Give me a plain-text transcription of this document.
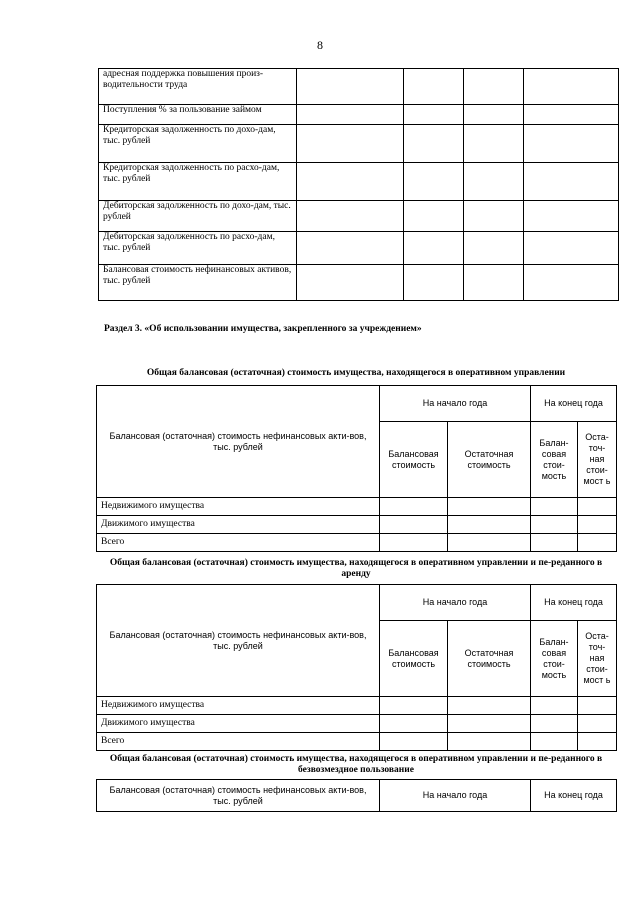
8
адресная поддержка повышения произ-водительности труда				
Поступления % за пользование займом				
Кредиторская задолженность по дохо-дам, тыс. рублей				
Кредиторская задолженность по расхо-дам, тыс. рублей				
Дебиторская задолженность по дохо-дам, тыс. рублей				
Дебиторская задолженность по расхо-дам, тыс. рублей				
Балансовая стоимость нефинансовых активов, тыс. рублей				
Раздел 3. «Об использовании имущества, закрепленного за учреждением»
Общая балансовая (остаточная) стоимость имущества, находящегося в оперативном управлении
Балансовая (остаточная) стоимость нефинансовых акти-вов, тыс. рублей	На начало года		На конец года	
	Балансовая стоимость	Остаточная стоимость	Балан-совая стои-мость	Оста-точ-ная стои-мост ь
Недвижимого имущества				
Движимого имущества				
Всего				
Общая балансовая (остаточная) стоимость имущества, находящегося в оперативном управлении и пе-реданного в аренду
Балансовая (остаточная) стоимость нефинансовых акти-вов, тыс. рублей	На начало года		На конец года	
	Балансовая стоимость	Остаточная стоимость	Балан-совая стои-мость	Оста-точ-ная стои-мост ь
Недвижимого имущества				
Движимого имущества				
Всего				
Общая балансовая (остаточная) стоимость имущества, находящегося в оперативном управлении и пе-реданного в безвозмездное пользование
Балансовая (остаточная) стоимость нефинансовых акти-вов, тыс. рублей	На начало года	На конец года
